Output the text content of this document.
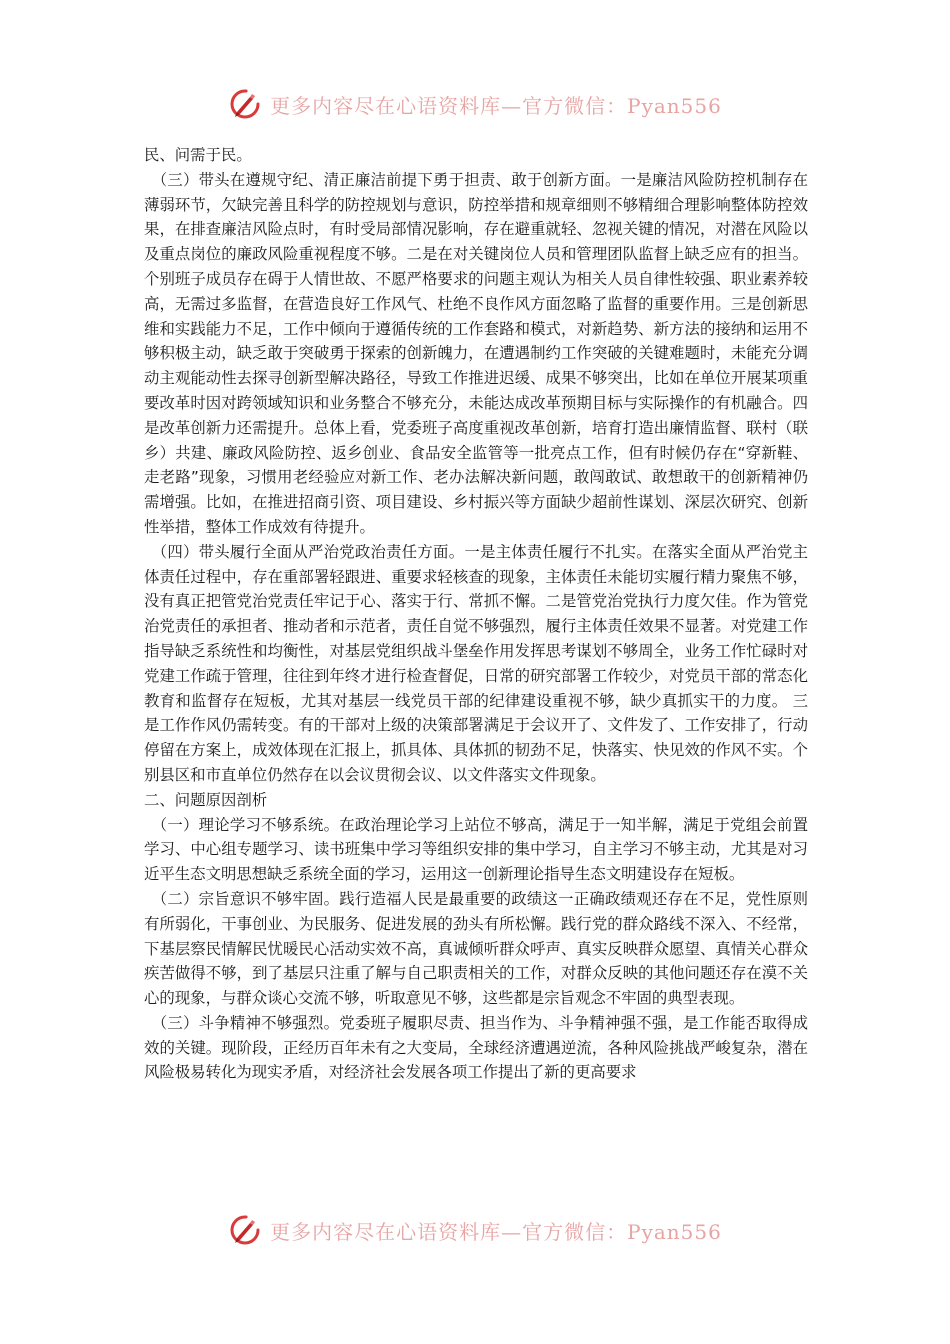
更多内容尽在心语资料库—官方微信：Pyan556

民、问需于民。

（三）带头在遵规守纪、清正廉洁前提下勇于担责、敢于创新方面。一是廉洁风险防控机制存在薄弱环节，欠缺完善且科学的防控规划与意识，防控举措和规章细则不够精细合理影响整体防控效果，在排查廉洁风险点时，有时受局部情况影响，存在避重就轻、忽视关键的情况，对潜在风险以及重点岗位的廉政风险重视程度不够。二是在对关键岗位人员和管理团队监督上缺乏应有的担当。个别班子成员存在碍于人情世故、不愿严格要求的问题主观认为相关人员自律性较强、职业素养较高，无需过多监督，在营造良好工作风气、杜绝不良作风方面忽略了监督的重要作用。三是创新思维和实践能力不足，工作中倾向于遵循传统的工作套路和模式，对新趋势、新方法的接纳和运用不够积极主动，缺乏敢于突破勇于探索的创新魄力，在遭遇制约工作突破的关键难题时，未能充分调动主观能动性去探寻创新型解决路径，导致工作推进迟缓、成果不够突出，比如在单位开展某项重要改革时因对跨领域知识和业务整合不够充分，未能达成改革预期目标与实际操作的有机融合。四是改革创新力还需提升。总体上看，党委班子高度重视改革创新，培育打造出廉情监督、联村（联乡）共建、廉政风险防控、返乡创业、食品安全监管等一批亮点工作，但有时候仍存在“穿新鞋、走老路”现象，习惯用老经验应对新工作、老办法解决新问题，敢闯敢试、敢想敢干的创新精神仍需增强。比如，在推进招商引资、项目建设、乡村振兴等方面缺少超前性谋划、深层次研究、创新性举措，整体工作成效有待提升。

（四）带头履行全面从严治党政治责任方面。一是主体责任履行不扎实。在落实全面从严治党主体责任过程中，存在重部署轻跟进、重要求轻核查的现象，主体责任未能切实履行精力聚焦不够，没有真正把管党治党责任牢记于心、落实于行、常抓不懈。二是管党治党执行力度欠佳。作为管党治党责任的承担者、推动者和示范者，责任自觉不够强烈，履行主体责任效果不显著。对党建工作指导缺乏系统性和均衡性，对基层党组织战斗堡垒作用发挥思考谋划不够周全，业务工作忙碌时对党建工作疏于管理，往往到年终才进行检查督促，日常的研究部署工作较少，对党员干部的常态化教育和监督存在短板，尤其对基层一线党员干部的纪律建设重视不够，缺少真抓实干的力度。 三是工作作风仍需转变。有的干部对上级的决策部署满足于会议开了、文件发了、工作安排了，行动停留在方案上，成效体现在汇报上，抓具体、具体抓的韧劲不足，快落实、快见效的作风不实。个别县区和市直单位仍然存在以会议贯彻会议、以文件落实文件现象。

二、问题原因剖析

（一）理论学习不够系统。在政治理论学习上站位不够高，满足于一知半解，满足于党组会前置学习、中心组专题学习、读书班集中学习等组织安排的集中学习，自主学习不够主动，尤其是对习近平生态文明思想缺乏系统全面的学习，运用这一创新理论指导生态文明建设存在短板。

（二）宗旨意识不够牢固。践行造福人民是最重要的政绩这一正确政绩观还存在不足，党性原则有所弱化，干事创业、为民服务、促进发展的劲头有所松懈。践行党的群众路线不深入、不经常，下基层察民情解民忧暖民心活动实效不高，真诚倾听群众呼声、真实反映群众愿望、真情关心群众疾苦做得不够，到了基层只注重了解与自己职责相关的工作，对群众反映的其他问题还存在漠不关心的现象，与群众谈心交流不够，听取意见不够，这些都是宗旨观念不牢固的典型表现。

（三）斗争精神不够强烈。党委班子履职尽责、担当作为、斗争精神强不强，是工作能否取得成效的关键。现阶段，正经历百年未有之大变局，全球经济遭遇逆流，各种风险挑战严峻复杂，潜在风险极易转化为现实矛盾，对经济社会发展各项工作提出了新的更高要求

更多内容尽在心语资料库—官方微信：Pyan556
